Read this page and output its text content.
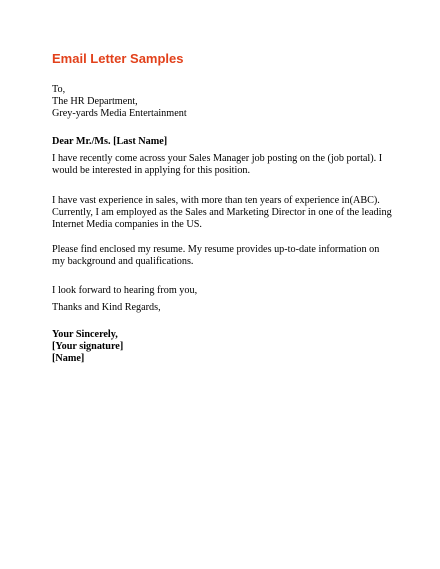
Email Letter Samples
To,
The HR Department,
Grey-yards Media Entertainment
Dear Mr./Ms. [Last Name]
I have recently come across your Sales Manager job posting on the (job portal). I
would be interested in applying for this position.
I have vast experience in sales, with more than ten years of experience in(ABC).
Currently, I am employed as the Sales and Marketing Director in one of the leading
Internet Media companies in the US.
Please find enclosed my resume. My resume provides up-to-date information on
my background and qualifications.
I look forward to hearing from you,
Thanks and Kind Regards,
Your Sincerely,
[Your signature]
[Name]
